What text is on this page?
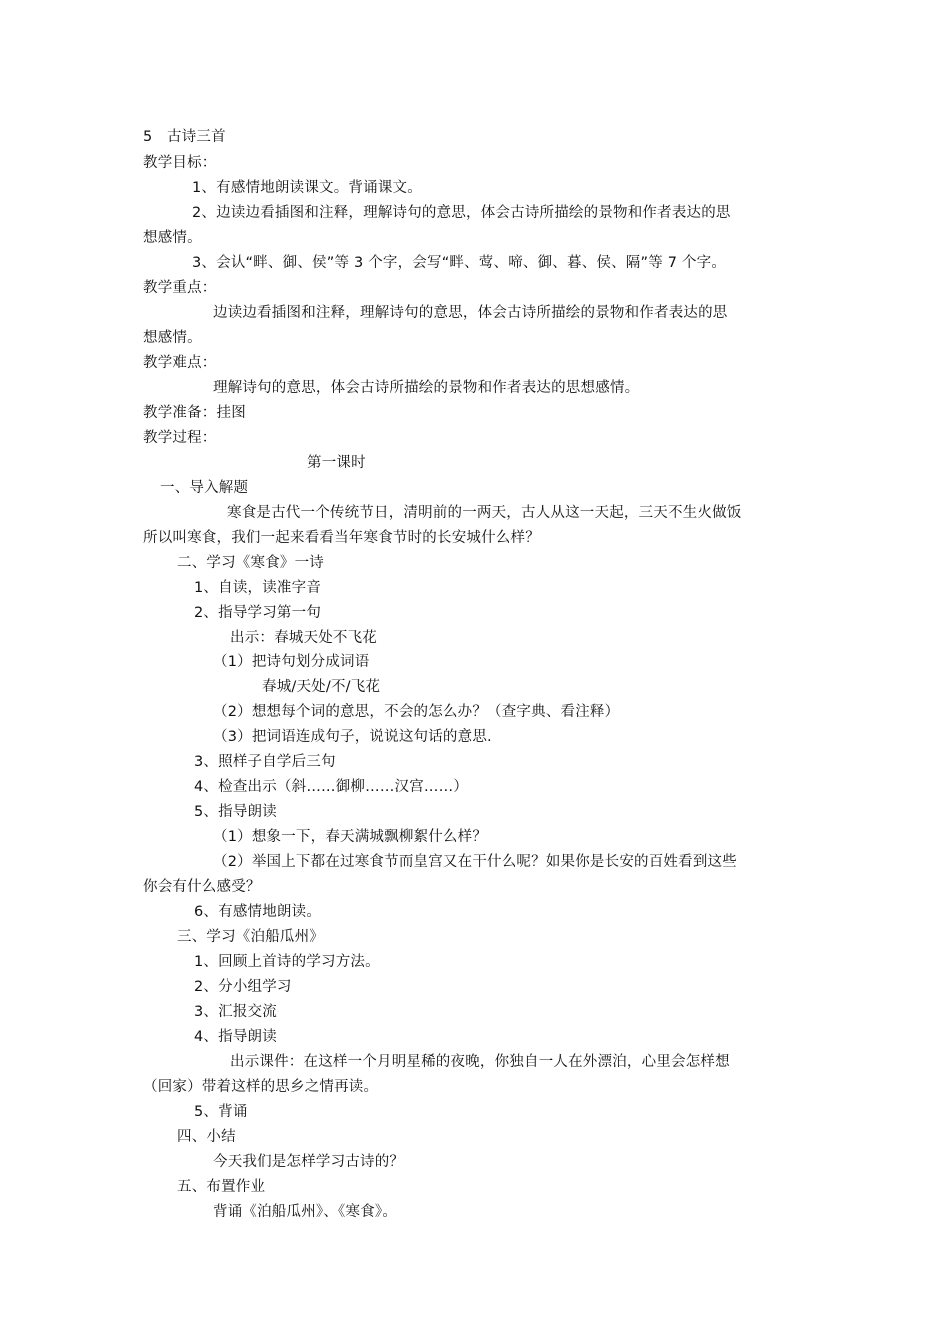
5 古诗三首
教学目标：
1、有感情地朗读课文。背诵课文。
2、边读边看插图和注释，理解诗句的意思，体会古诗所描绘的景物和作者表达的思
想感情。
3、会认“畔、御、侯”等 3 个字，会写“畔、莺、啼、御、暮、侯、隔”等 7 个字。
教学重点：
边读边看插图和注释，理解诗句的意思，体会古诗所描绘的景物和作者表达的思
想感情。
教学难点：
理解诗句的意思，体会古诗所描绘的景物和作者表达的思想感情。
教学准备：挂图
教学过程：
第一课时
一、导入解题
寒食是古代一个传统节日，清明前的一两天，古人从这一天起，三天不生火做饭
所以叫寒食，我们一起来看看当年寒食节时的长安城什么样？
二、学习《寒食》一诗
1、自读，读准字音
2、指导学习第一句
出示：春城天处不飞花
（1）把诗句划分成词语
春城/天处/不/飞花
（2）想想每个词的意思，不会的怎么办？（查字典、看注释）
（3）把词语连成句子，说说这句话的意思.
3、照样子自学后三句
4、检查出示（斜……御柳……汉宫……）
5、指导朗读
（1）想象一下，春天满城飘柳絮什么样？
（2）举国上下都在过寒食节而皇宫又在干什么呢？如果你是长安的百姓看到这些
你会有什么感受？
6、有感情地朗读。
三、学习《泊船瓜州》
1、回顾上首诗的学习方法。
2、分小组学习
3、汇报交流
4、指导朗读
出示课件：在这样一个月明星稀的夜晚，你独自一人在外漂泊，心里会怎样想
（回家）带着这样的思乡之情再读。
5、背诵
四、小结
今天我们是怎样学习古诗的？
五、布置作业
背诵《泊船瓜州》、《寒食》。
